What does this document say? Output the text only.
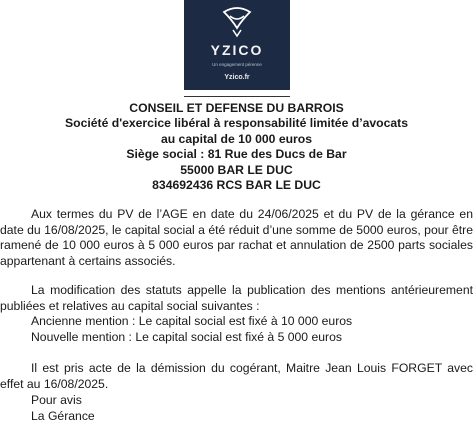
YZICO
Un engagement pérenne
Yzico.fr
CONSEIL ET DEFENSE DU BARROIS
Société d'exercice libéral à responsabilité limitée d’avocats
au capital de 10 000 euros
Siège social : 81 Rue des Ducs de Bar
55000 BAR LE DUC
834692436 RCS BAR LE DUC

Aux termes du PV de l’AGE en date du 24/06/2025 et du PV de la gérance en date du 16/08/2025, le capital social a été réduit d’une somme de 5000 euros, pour être ramené de 10 000 euros à 5 000 euros par rachat et annulation de 2500 parts sociales appartenant à certains associés.

La modification des statuts appelle la publication des mentions antérieurement publiées et relatives au capital social suivantes :

Ancienne mention : Le capital social est fixé à 10 000 euros
Nouvelle mention : Le capital social est fixé à 5 000 euros

Il est pris acte de la démission du cogérant, Maitre Jean Louis FORGET avec effet au 16/08/2025.

Pour avis
La Gérance
